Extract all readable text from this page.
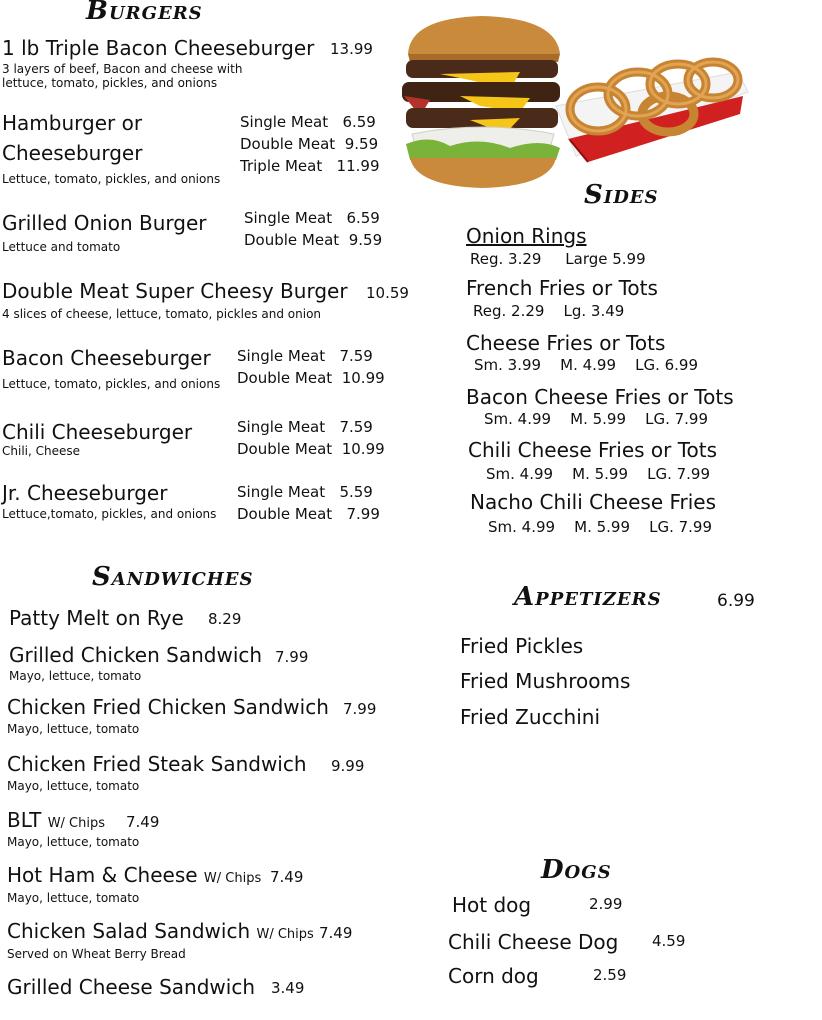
Burgers
1 lb Triple Bacon Cheeseburger 13.99
3 layers of beef, Bacon and cheese with
lettuce, tomato, pickles, and onions
Hamburger or
Cheeseburger
Lettuce, tomato, pickles, and onions
Single Meat 6.59
Double Meat 9.59
Triple Meat 11.99
Grilled Onion Burger
Lettuce and tomato
Single Meat 6.59
Double Meat 9.59
Double Meat Super Cheesy Burger 10.59
4 slices of cheese, lettuce, tomato, pickles and onion
Bacon Cheeseburger
Lettuce, tomato, pickles, and onions
Single Meat 7.59
Double Meat 10.99
Chili Cheeseburger
Chili, Cheese
Single Meat 7.59
Double Meat 10.99
Jr. Cheeseburger
Lettuce,tomato, pickles, and onions
Single Meat 5.59
Double Meat 7.99
Sides
Onion Rings
Reg. 3.29     Large 5.99
French Fries or Tots
Reg. 2.29    Lg. 3.49
Cheese Fries or Tots
Sm. 3.99    M. 4.99    LG. 6.99
Bacon Cheese Fries or Tots
Sm. 4.99    M. 5.99    LG. 7.99
Chili Cheese Fries or Tots
Sm. 4.99    M. 5.99    LG. 7.99
Nacho Chili Cheese Fries
Sm. 4.99    M. 5.99    LG. 7.99
Sandwiches
Patty Melt on Rye 8.29
Grilled Chicken Sandwich 7.99
Mayo, lettuce, tomato
Chicken Fried Chicken Sandwich 7.99
Mayo, lettuce, tomato
Chicken Fried Steak Sandwich 9.99
Mayo, lettuce, tomato
BLT W/ Chips 7.49
Mayo, lettuce, tomato
Hot Ham & Cheese W/ Chips 7.49
Mayo, lettuce, tomato
Chicken Salad Sandwich W/ Chips 7.49
Served on Wheat Berry Bread
Grilled Cheese Sandwich 3.49
Appetizers	6.99
Fried Pickles
Fried Mushrooms
Fried Zucchini
Dogs
Hot dog	2.99
Chili Cheese Dog 4.59
Corn dog	2.59
